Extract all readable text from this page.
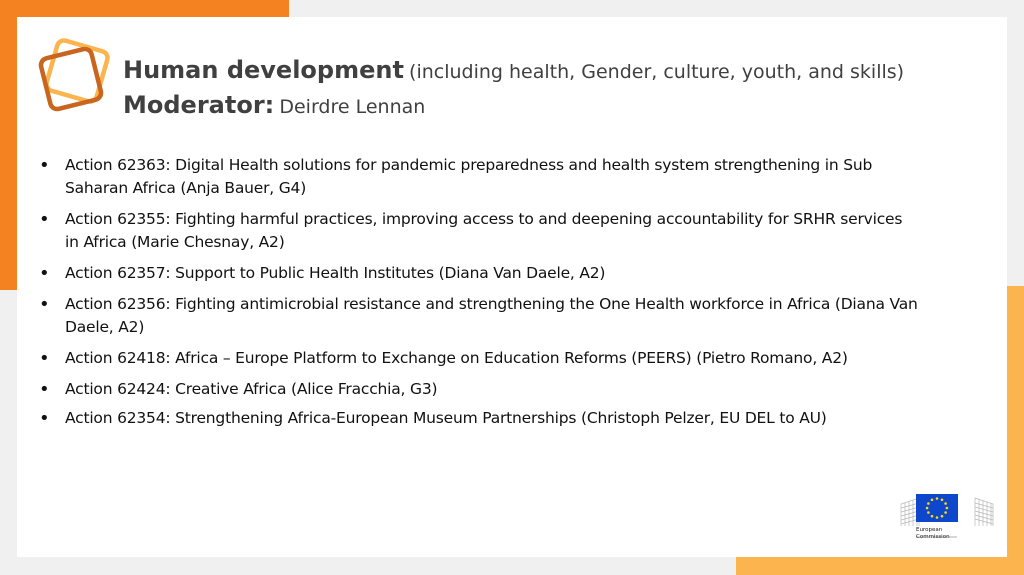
Human development (including health, Gender, culture, youth, and skills)
Moderator: Deirdre Lennan
• Action 62363: Digital Health solutions for pandemic preparedness and health system strengthening in Sub Saharan Africa (Anja Bauer, G4)
• Action 62355: Fighting harmful practices, improving access to and deepening accountability for SRHR services in Africa (Marie Chesnay, A2)
• Action 62357: Support to Public Health Institutes (Diana Van Daele, A2)
• Action 62356: Fighting antimicrobial resistance and strengthening the One Health workforce in Africa (Diana Van Daele, A2)
• Action 62418: Africa – Europe Platform to Exchange on Education Reforms (PEERS) (Pietro Romano, A2)
• Action 62424: Creative Africa (Alice Fracchia, G3)
• Action 62354: Strengthening Africa-European Museum Partnerships (Christoph Pelzer, EU DEL to AU)
European
Commission
